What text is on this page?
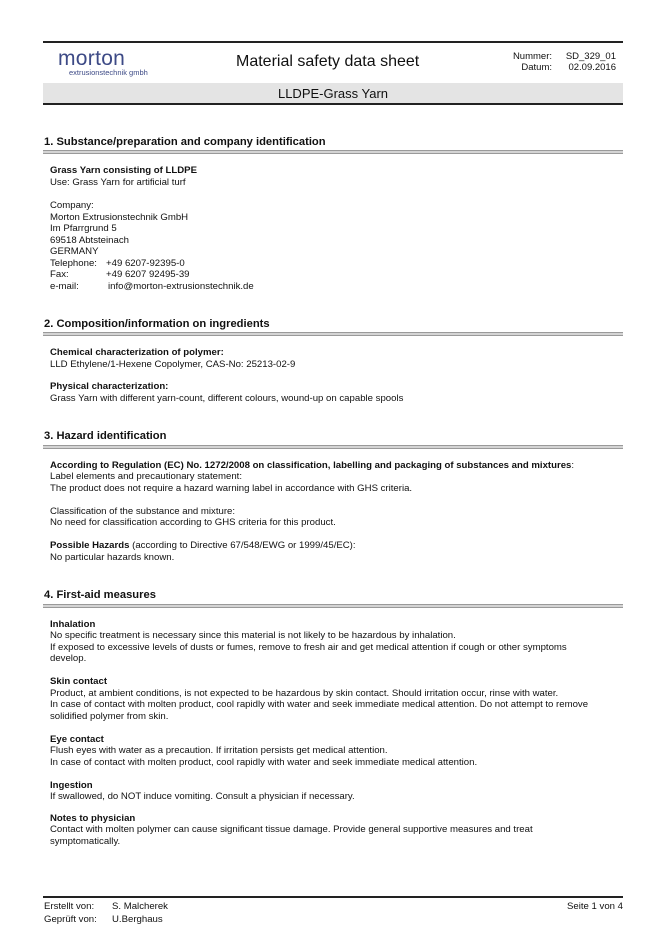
morton
extrusionstechnik gmbh
Material safety data sheet	Nummer:	SD_329_01
Datum:	02.09.2016
LLDPE-Grass Yarn
1. Substance/preparation and company identification
Grass Yarn consisting of LLDPE
Use: Grass Yarn for artificial turf
Company:
Morton Extrusionstechnik GmbH
Im Pfarrgrund 5
69518 Abtsteinach
GERMANY
Telephone: +49 6207-92395-0
Fax:	+49 6207 92495-39
e-mail:	info@morton-extrusionstechnik.de
2. Composition/information on ingredients
Chemical characterization of polymer:
LLD Ethylene/1-Hexene Copolymer, CAS-No: 25213-02-9
Physical characterization:
Grass Yarn with different yarn-count, different colours, wound-up on capable spools
3. Hazard identification
According to Regulation (EC) No. 1272/2008 on classification, labelling and packaging of substances and mixtures:
Label elements and precautionary statement:
The product does not require a hazard warning label in accordance with GHS criteria.
Classification of the substance and mixture:
No need for classification according to GHS criteria for this product.
Possible Hazards (according to Directive 67/548/EWG or 1999/45/EC):
No particular hazards known.
4. First-aid measures
Inhalation
No specific treatment is necessary since this material is not likely to be hazardous by inhalation.
If exposed to excessive levels of dusts or fumes, remove to fresh air and get medical attention if cough or other symptoms
develop.
Skin contact
Product, at ambient conditions, is not expected to be hazardous by skin contact. Should irritation occur, rinse with water.
In case of contact with molten product, cool rapidly with water and seek immediate medical attention. Do not attempt to remove
solidified polymer from skin.
Eye contact
Flush eyes with water as a precaution. If irritation persists get medical attention.
In case of contact with molten product, cool rapidly with water and seek immediate medical attention.
Ingestion
If swallowed, do NOT induce vomiting. Consult a physician if necessary.
Notes to physician
Contact with molten polymer can cause significant tissue damage. Provide general supportive measures and treat
symptomatically.
Erstellt von: S. Malcherek
Geprüft von: U.Berghaus
Seite 1 von 4
